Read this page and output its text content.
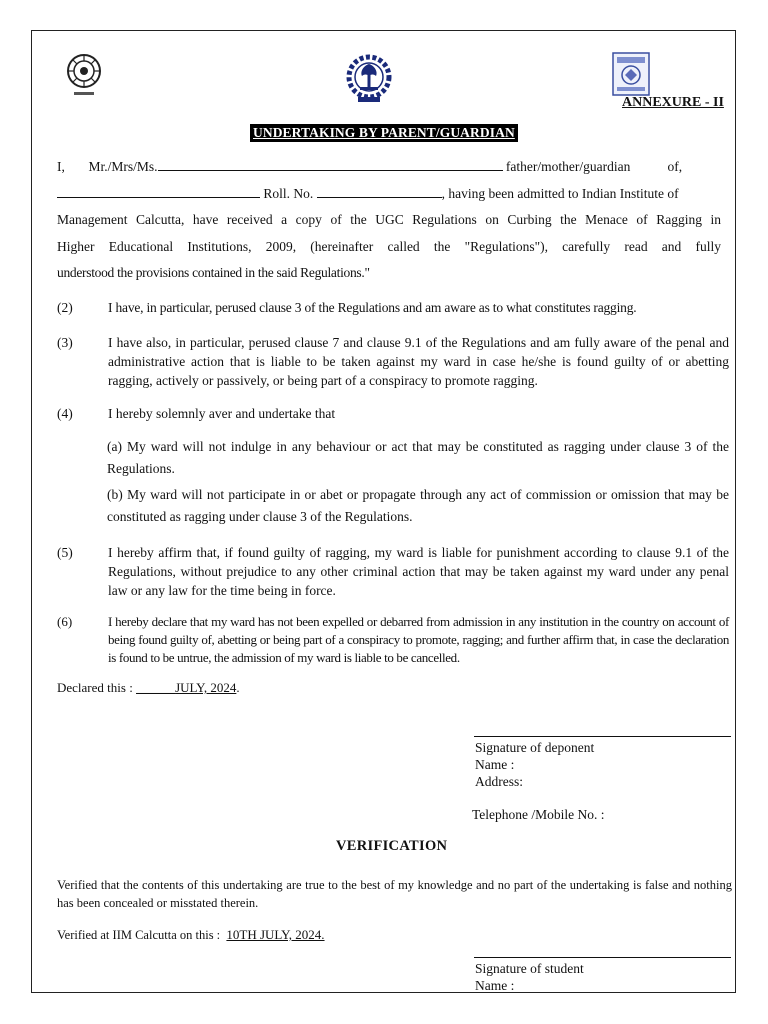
ANNEXURE - II
UNDERTAKING BY PARENT/GUARDIAN
I, Mr./Mrs/Ms.	father/mother/guardian	of,
Roll. No.	, having been admitted to Indian Institute of
Management Calcutta, have received a copy of the UGC Regulations on Curbing the Menace of Ragging in
Higher Educational Institutions, 2009, (hereinafter called the "Regulations"), carefully read and fully
understood the provisions contained in the said Regulations."
(2)	I have, in particular, perused clause 3 of the Regulations and am aware as to what constitutes ragging.
(3)	I have also, in particular, perused clause 7 and clause 9.1 of the Regulations and am fully aware of the penal and administrative action that is liable to be taken against my ward in case he/she is found guilty of or abetting ragging, actively or passively, or being part of a conspiracy to promote ragging.
(4)	I hereby solemnly aver and undertake that
(a) My ward will not indulge in any behaviour or act that may be constituted as ragging under clause 3 of the Regulations.
(b) My ward will not participate in or abet or propagate through any act of commission or omission that may be constituted as ragging under clause 3 of the Regulations.
(5)	I hereby affirm that, if found guilty of ragging, my ward is liable for punishment according to clause 9.1 of the Regulations, without prejudice to any other criminal action that may be taken against my ward under any penal law or any law for the time being in force.
(6)	I hereby declare that my ward has not been expelled or debarred from admission in any institution in the country on account of being found guilty of, abetting or being part of a conspiracy to promote, ragging; and further affirm that, in case the declaration is found to be untrue, the admission of my ward is liable to be cancelled.
Declared this : ______JULY, 2024.
Signature of deponent
Name :
Address:
Telephone /Mobile No. :
VERIFICATION
Verified that the contents of this undertaking are true to the best of my knowledge and no part of the undertaking is false and nothing has been concealed or misstated therein.
Verified at IIM Calcutta on this : 10TH JULY, 2024.
Signature of student
Name :
